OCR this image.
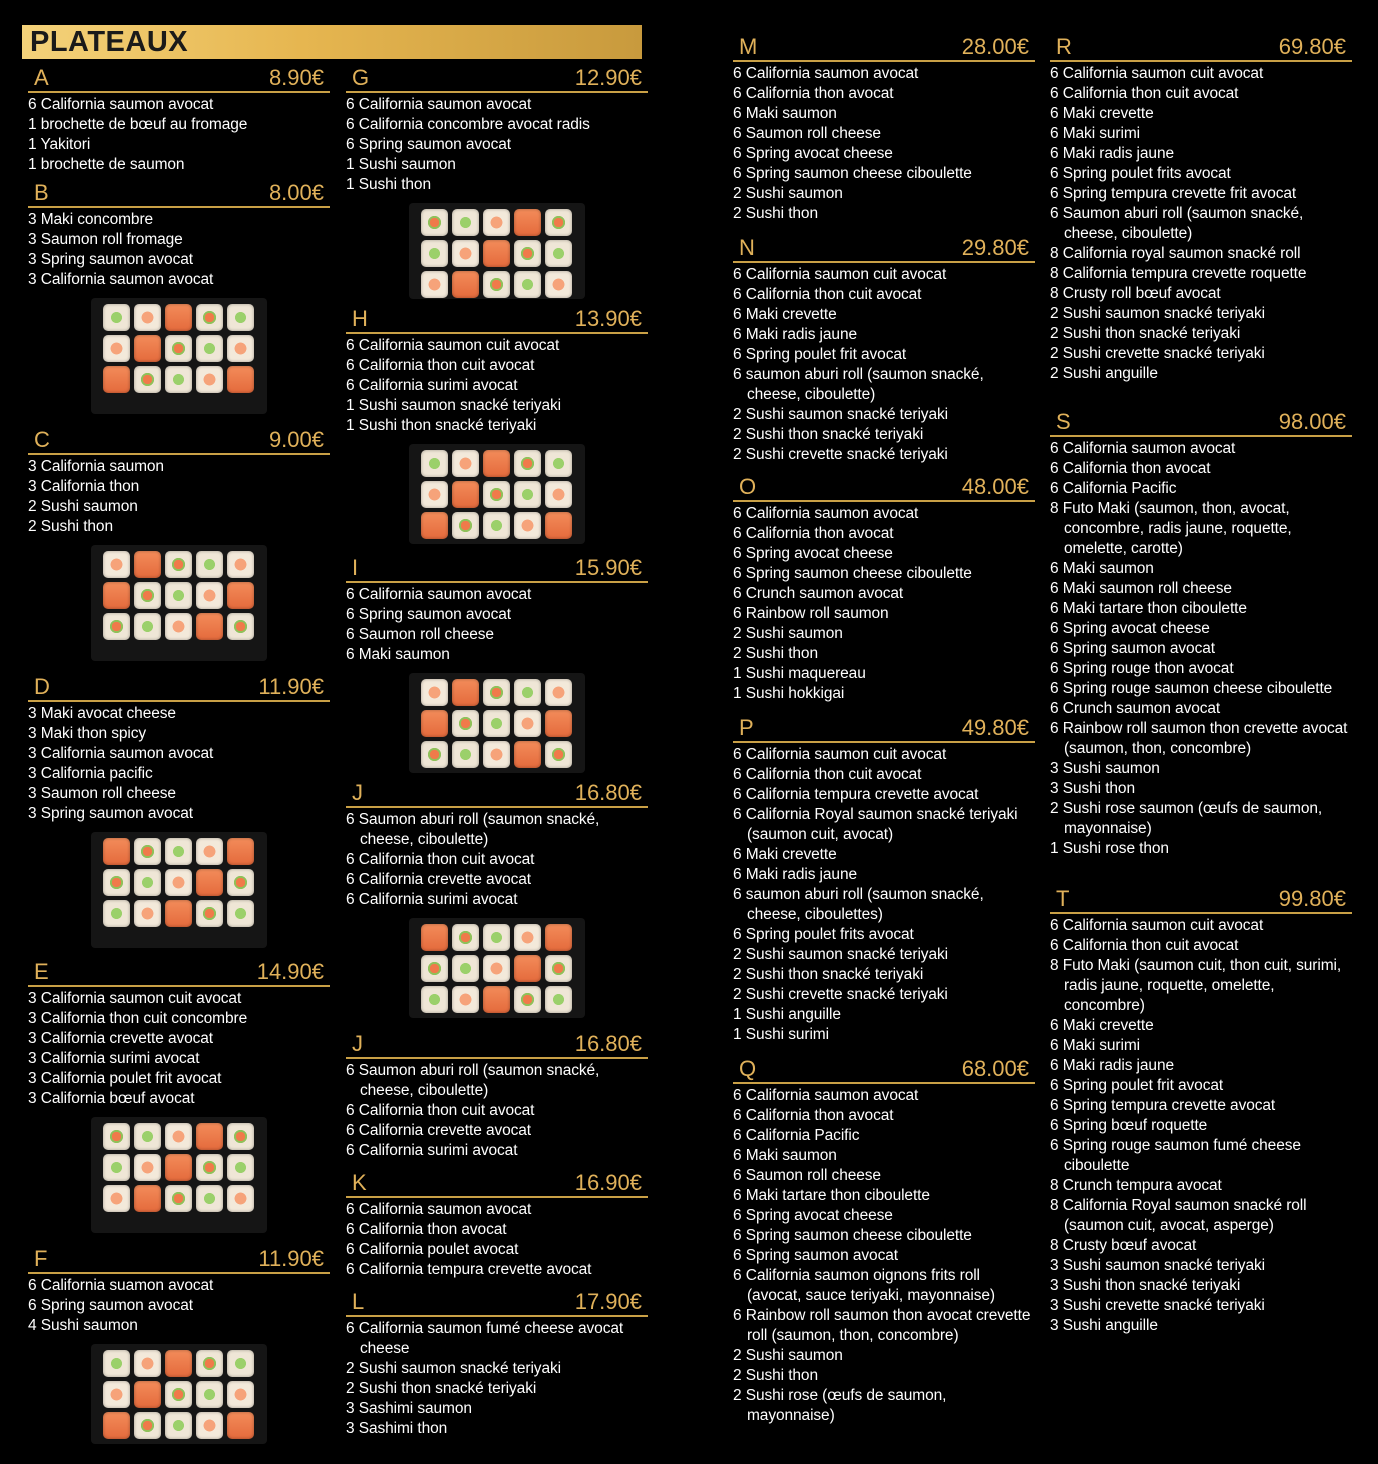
PLATEAUX
A	8.90€
6 California saumon avocat
1 brochette de bœuf au fromage
1 Yakitori
1 brochette de saumon
B	8.00€
3 Maki concombre
3 Saumon roll fromage
3 Spring saumon avocat
3 California saumon avocat
C	9.00€
3 California saumon
3 California thon
2 Sushi saumon
2 Sushi thon
D	11.90€
3 Maki avocat cheese
3 Maki thon spicy
3 California saumon avocat
3 California pacific
3 Saumon roll cheese
3 Spring saumon avocat
E	14.90€
3 California saumon cuit avocat
3 California thon cuit concombre
3 California crevette avocat
3 California surimi avocat
3 California poulet frit avocat
3 California bœuf avocat
F	11.90€
6 California suamon avocat
6 Spring saumon avocat
4 Sushi saumon
G	12.90€
6 California saumon avocat
6 California concombre avocat radis
6 Spring saumon avocat
1 Sushi saumon
1 Sushi thon
H	13.90€
6 California saumon cuit avocat
6 California thon cuit avocat
6 California surimi avocat
1 Sushi saumon snacké teriyaki
1 Sushi thon snacké teriyaki
I	15.90€
6 California saumon avocat
6 Spring saumon avocat
6 Saumon roll cheese
6 Maki saumon
J	16.80€
6 Saumon aburi roll (saumon snacké, cheese, ciboulette)
6 California thon cuit avocat
6 California crevette avocat
6 California surimi avocat
J	16.80€
6 Saumon aburi roll (saumon snacké, cheese, ciboulette)
6 California thon cuit avocat
6 California crevette avocat
6 California surimi avocat
K	16.90€
6 California saumon avocat
6 California thon avocat
6 California poulet avocat
6 California tempura crevette avocat
L	17.90€
6 California saumon fumé cheese avocat cheese
2 Sushi saumon snacké teriyaki
2 Sushi thon snacké teriyaki
3 Sashimi saumon
3 Sashimi thon
M	28.00€
6 California saumon avocat
6 California thon avocat
6 Maki saumon
6 Saumon roll cheese
6 Spring avocat cheese
6 Spring saumon cheese ciboulette
2 Sushi saumon
2 Sushi thon
N	29.80€
6 California saumon cuit avocat
6 California thon cuit avocat
6 Maki crevette
6 Maki radis jaune
6 Spring poulet frit avocat
6 saumon aburi roll (saumon snacké, cheese, ciboulette)
2 Sushi saumon snacké teriyaki
2 Sushi thon snacké teriyaki
2 Sushi crevette snacké teriyaki
O	48.00€
6 California saumon avocat
6 California thon avocat
6 Spring avocat cheese
6 Spring saumon cheese ciboulette
6 Crunch saumon avocat
6 Rainbow roll saumon
2 Sushi saumon
2 Sushi thon
1 Sushi maquereau
1 Sushi hokkigai
P	49.80€
6 California saumon cuit avocat
6 California thon cuit avocat
6 California tempura crevette avocat
6 California Royal saumon snacké teriyaki (saumon cuit, avocat)
6 Maki crevette
6 Maki radis jaune
6 saumon aburi roll (saumon snacké, cheese, ciboulettes)
6 Spring poulet frits avocat
2 Sushi saumon snacké teriyaki
2 Sushi thon snacké teriyaki
2 Sushi crevette snacké teriyaki
1 Sushi anguille
1 Sushi surimi
Q	68.00€
6 California saumon avocat
6 California thon avocat
6 California Pacific
6 Maki saumon
6 Saumon roll cheese
6 Maki tartare thon ciboulette
6 Spring avocat cheese
6 Spring saumon cheese ciboulette
6 Spring saumon avocat
6 California saumon oignons frits roll (avocat, sauce teriyaki, mayonnaise)
6 Rainbow roll saumon thon avocat crevette roll (saumon, thon, concombre)
2 Sushi saumon
2 Sushi thon
2 Sushi rose (œufs de saumon, mayonnaise)
R	69.80€
6 California saumon cuit avocat
6 California thon cuit avocat
6 Maki crevette
6 Maki surimi
6 Maki radis jaune
6 Spring poulet frits avocat
6 Spring tempura crevette frit avocat
6 Saumon aburi roll (saumon snacké, cheese, ciboulette)
8 California royal saumon snacké roll
8 California tempura crevette roquette
8 Crusty roll bœuf avocat
2 Sushi saumon snacké teriyaki
2 Sushi thon snacké teriyaki
2 Sushi crevette snacké teriyaki
2 Sushi anguille
S	98.00€
6 California saumon avocat
6 California thon avocat
6 California Pacific
8 Futo Maki (saumon, thon, avocat, concombre, radis jaune, roquette, omelette, carotte)
6 Maki saumon
6 Maki saumon roll cheese
6 Maki tartare thon ciboulette
6 Spring avocat cheese
6 Spring saumon avocat
6 Spring rouge thon avocat
6 Spring rouge saumon cheese ciboulette
6 Crunch saumon avocat
6 Rainbow roll saumon thon crevette avocat (saumon, thon, concombre)
3 Sushi saumon
3 Sushi thon
2 Sushi rose saumon (œufs de saumon, mayonnaise)
1 Sushi rose thon
T	99.80€
6 California saumon cuit avocat
6 California thon cuit avocat
8 Futo Maki (saumon cuit, thon cuit, surimi, radis jaune, roquette, omelette, concombre)
6 Maki crevette
6 Maki surimi
6 Maki radis jaune
6 Spring poulet frit avocat
6 Spring tempura crevette avocat
6 Spring bœuf roquette
6 Spring rouge saumon fumé cheese ciboulette
8 Crunch tempura avocat
8 California Royal saumon snacké roll (saumon cuit, avocat, asperge)
8 Crusty bœuf avocat
3 Sushi saumon snacké teriyaki
3 Sushi thon snacké teriyaki
3 Sushi crevette snacké teriyaki
3 Sushi anguille
